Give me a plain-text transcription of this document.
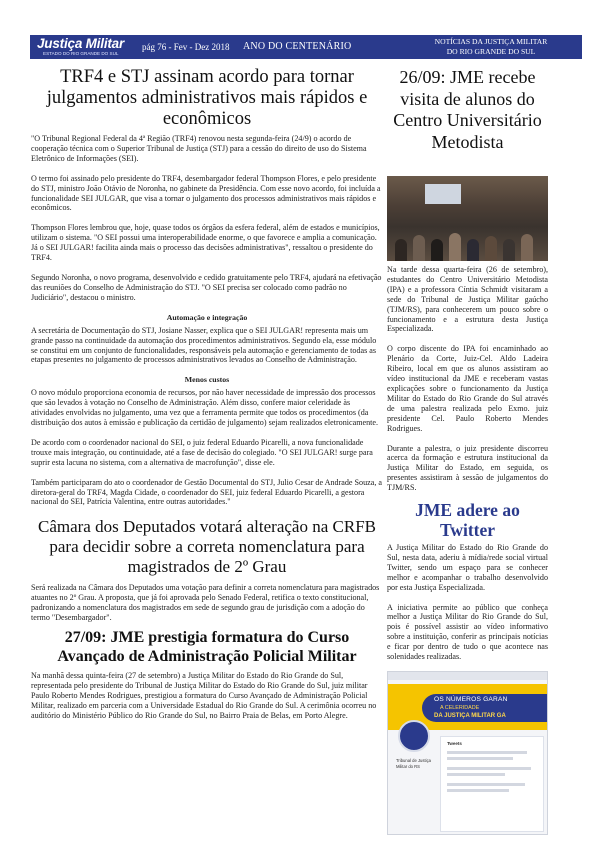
Justiça Militar
ESTADO DO RIO GRANDE DO SUL
pág 76 - Fev - Dez 2018 ANO DO CENTENÁRIO	NOTÍCIAS DA JUSTIÇA MILITAR
DO RIO GRANDE DO SUL
TRF4 e STJ assinam acordo para tornar julgamentos administrativos mais rápidos e econômicos

"O Tribunal Regional Federal da 4ª Região (TRF4) renovou nesta segunda-feira (24/9) o acordo de cooperação técnica com o Superior Tribunal de Justiça (STJ) para a cessão do direito de uso do Sistema Eletrônico de Informações (SEI).

O termo foi assinado pelo presidente do TRF4, desembargador federal Thompson Flores, e pelo presidente do STJ, ministro João Otávio de Noronha, no gabinete da Presidência. Com esse novo acordo, foi incluída a funcionalidade SEI JULGAR, que visa a tornar o julgamento dos processos administrativos mais rápidos e econômicos.

Thompson Flores lembrou que, hoje, quase todos os órgãos da esfera federal, além de estados e municípios, utilizam o sistema. "O SEI possui uma interoperabilidade enorme, o que favorece e amplia a comunicação. Já o SEI JULGAR! facilita ainda mais o processo das decisões administrativas", ressaltou o presidente do TRF4.

Segundo Noronha, o novo programa, desenvolvido e cedido gratuitamente pelo TRF4, ajudará na efetivação das reuniões do Conselho de Administração do STJ. "O SEI precisa ser colocado como padrão no Judiciário", destacou o ministro.

Automação e integração

A secretária de Documentação do STJ, Josiane Nasser, explica que o SEI JULGAR! representa mais um grande passo na continuidade da automação dos procedimentos administrativos. Segundo ela, esse módulo se constitui em um conjunto de funcionalidades, responsáveis pela automação e gerenciamento de todas as etapas presentes no julgamento de processos administrativos levados ao Conselho de Administração.

Menos custos

O novo módulo proporciona economia de recursos, por não haver necessidade de impressão dos processos que são levados à votação no Conselho de Administração. Além disso, confere maior celeridade às atividades envolvidas no julgamento, uma vez que a ferramenta permite que todos os procedimentos (da distribuição dos autos à emissão e publicação da certidão de julgamento) sejam realizados eletronicamente.

De acordo com o coordenador nacional do SEI, o juiz federal Eduardo Picarelli, a nova funcionalidade trouxe mais integração, ou continuidade, até a fase de decisão do colegiado. "O SEI JULGAR! surge para suprir esta lacuna no sistema, com a alternativa de macrofunção", disse ele.

Também participaram do ato o coordenador de Gestão Documental do STJ, Julio Cesar de Andrade Souza, a diretora-geral do TRF4, Magda Cidade, o coordenador do SEI, juiz federal Eduardo Picarelli, a gestora nacional do SEI, Patrícia Valentina, entre outras autoridades."

Câmara dos Deputados votará alteração na CRFB para decidir sobre a correta nomenclatura para magistrados de 2º Grau

Será realizada na Câmara dos Deputados uma votação para definir a correta nomenclatura para magistrados atuantes no 2º Grau. A proposta, que já foi aprovada pelo Senado Federal, retifica o texto constitucional, padronizando a nomenclatura dos magistrados em sede de segundo grau de jurisdição com a adoção do termo "Desembargador".

27/09: JME prestigia formatura do Curso Avançado de Administração Policial Militar

Na manhã dessa quinta-feira (27 de setembro) a Justiça Militar do Estado do Rio Grande do Sul, representada pelo presidente do Tribunal de Justiça Militar do Estado do Rio Grande do Sul, juiz militar Paulo Roberto Mendes Rodrigues, prestigiou a formatura do Curso Avançado de Administração Policial Militar, realizado em parceria com a Universidade Estadual do Rio Grande do Sul. A cerimônia ocorreu no auditório do Ministério Público do Rio Grande do Sul, no Bairro Praia de Belas, em Porto Alegre.

26/09: JME recebe visita de alunos do Centro Universitário Metodista

Na tarde dessa quarta-feira (26 de setembro), estudantes do Centro Universitário Metodista (IPA) e a professora Cíntia Schmidt visitaram a sede do Tribunal de Justiça Militar gaúcho (TJM/RS), para conhecerem um pouco sobre o funcionamento e a estrutura desta Justiça Especializada.

O corpo discente do IPA foi encaminhado ao Plenário da Corte, Juiz-Cel. Aldo Ladeira Ribeiro, local em que os alunos assistiram ao vídeo institucional da JME e receberam vastas explicações sobre o funcionamento da Justiça Militar do Estado do Rio Grande do Sul através de uma palestra realizada pelo Exmo. juiz presidente Cel. Paulo Roberto Mendes Rodrigues.

Durante a palestra, o juiz presidente discorreu acerca da formação e estrutura institucional da Justiça Militar do Estado, em seguida, os presentes assistiram à sessão de julgamentos do TJM/RS.

JME adere ao Twitter

A Justiça Militar do Estado do Rio Grande do Sul, nesta data, aderiu à mídia/rede social virtual Twitter, sendo um espaço para se conhecer melhor e acompanhar o trabalho desenvolvido por esta Justiça Especializada.

A iniciativa permite ao público que conheça melhor a Justiça Militar do Rio Grande do Sul, pois é possível assistir ao vídeo informativo sobre a instituição, conferir as principais notícias e ficar por dentro de tudo o que acontece nas solenidades realizadas.

OS NÚMEROS GARAN
A CELERIDADE
DA JUSTIÇA MILITAR GA
Tribunal de Justiça Militar do RS
Tweets
